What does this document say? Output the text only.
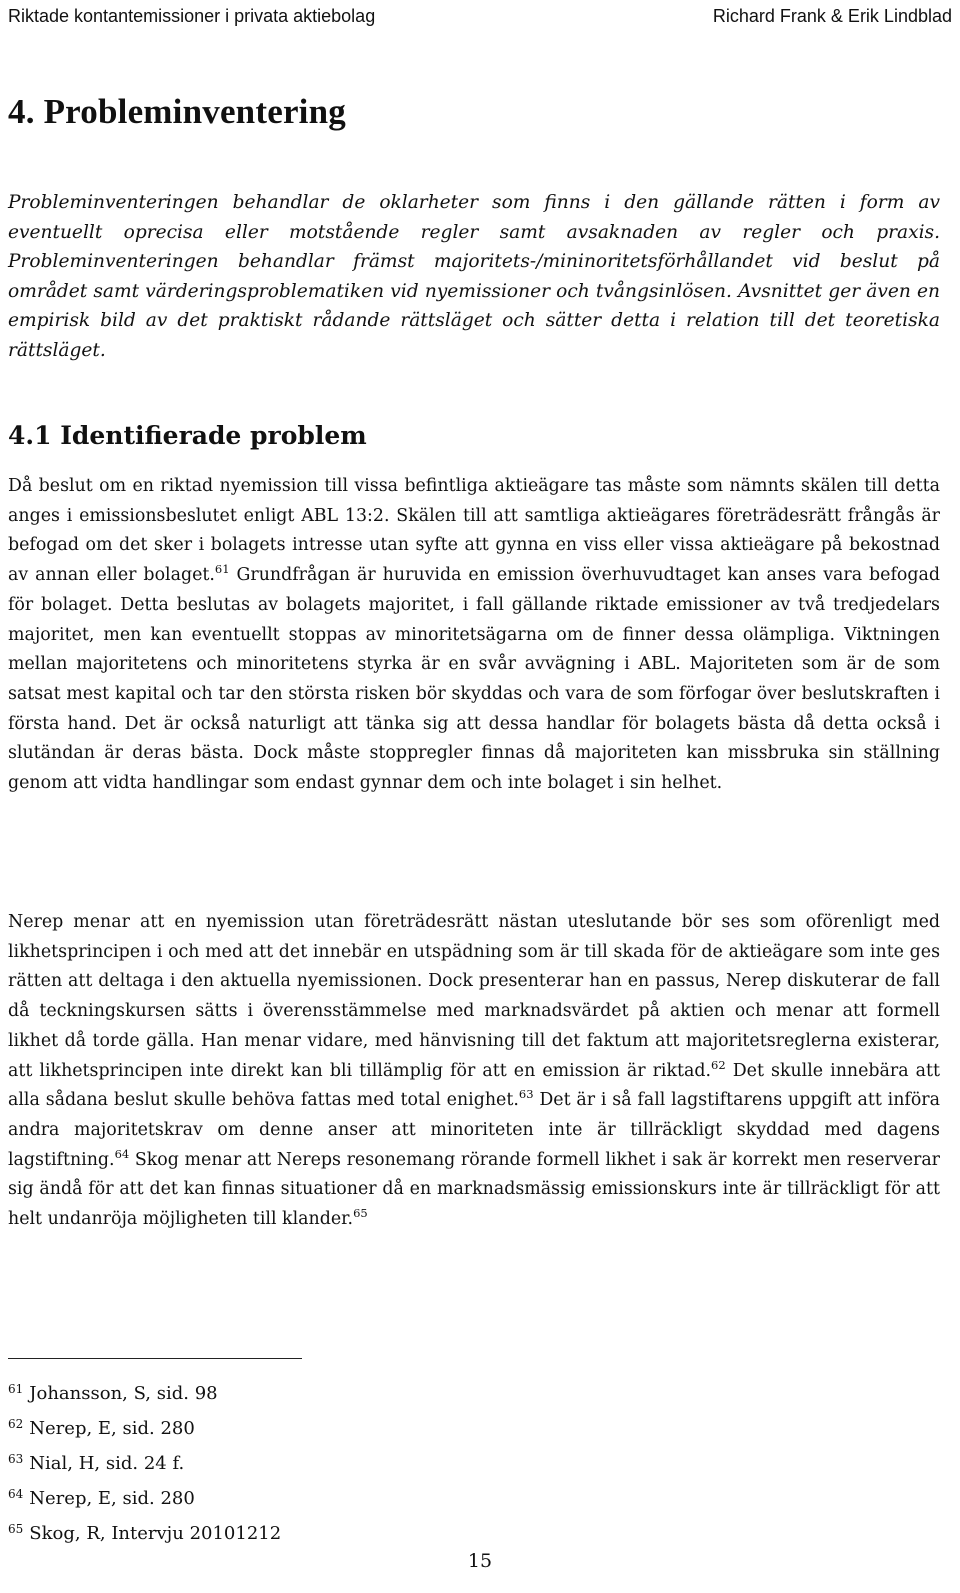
Riktade kontantemissioner i privata aktiebolag	Richard Frank & Erik Lindblad
4. Probleminventering

Probleminventeringen behandlar de oklarheter som finns i den gällande rätten i form av eventuellt oprecisa eller motstående regler samt avsaknaden av regler och praxis. Probleminventeringen behandlar främst majoritets-/mininoritetsförhållandet vid beslut på området samt värderingsproblematiken vid nyemissioner och tvångsinlösen. Avsnittet ger även en empirisk bild av det praktiskt rådande rättsläget och sätter detta i relation till det teoretiska rättsläget.

4.1 Identifierade problem

Då beslut om en riktad nyemission till vissa befintliga aktieägare tas måste som nämnts skälen till detta anges i emissionsbeslutet enligt ABL 13:2. Skälen till att samtliga aktieägares företrädesrätt frångås är befogad om det sker i bolagets intresse utan syfte att gynna en viss eller vissa aktieägare på bekostnad av annan eller bolaget.$^{61}$ Grundfrågan är huruvida en emission överhuvudtaget kan anses vara befogad för bolaget. Detta beslutas av bolagets majoritet, i fall gällande riktade emissioner av två tredjedelars majoritet, men kan eventuellt stoppas av minoritetsägarna om de finner dessa olämpliga. Viktningen mellan majoritetens och minoritetens styrka är en svår avvägning i ABL. Majoriteten som är de som satsat mest kapital och tar den största risken bör skyddas och vara de som förfogar över beslutskraften i första hand. Det är också naturligt att tänka sig att dessa handlar för bolagets bästa då detta också i slutändan är deras bästa. Dock måste stoppregler finnas då majoriteten kan missbruka sin ställning genom att vidta handlingar som endast gynnar dem och inte bolaget i sin helhet.

Nerep menar att en nyemission utan företrädesrätt nästan uteslutande bör ses som oförenligt med likhetsprincipen i och med att det innebär en utspädning som är till skada för de aktieägare som inte ges rätten att deltaga i den aktuella nyemissionen. Dock presenterar han en passus, Nerep diskuterar de fall då teckningskursen sätts i överensstämmelse med marknadsvärdet på aktien och menar att formell likhet då torde gälla. Han menar vidare, med hänvisning till det faktum att majoritetsreglerna existerar, att likhetsprincipen inte direkt kan bli tillämplig för att en emission är riktad.$^{62}$ Det skulle innebära att alla sådana beslut skulle behöva fattas med total enighet.$^{63}$ Det är i så fall lagstiftarens uppgift att införa andra majoritetskrav om denne anser att minoriteten inte är tillräckligt skyddad med dagens lagstiftning.$^{64}$ Skog menar att Nereps resonemang rörande formell likhet i sak är korrekt men reserverar sig ändå för att det kan finnas situationer då en marknadsmässig emissionskurs inte är tillräckligt för att helt undanröja möjligheten till klander.$^{65}$

$^{61}$ Johansson, S, sid. 98
$^{62}$ Nerep, E, sid. 280
$^{63}$ Nial, H, sid. 24 f.
$^{64}$ Nerep, E, sid. 280
$^{65}$ Skog, R, Intervju 20101212
15
